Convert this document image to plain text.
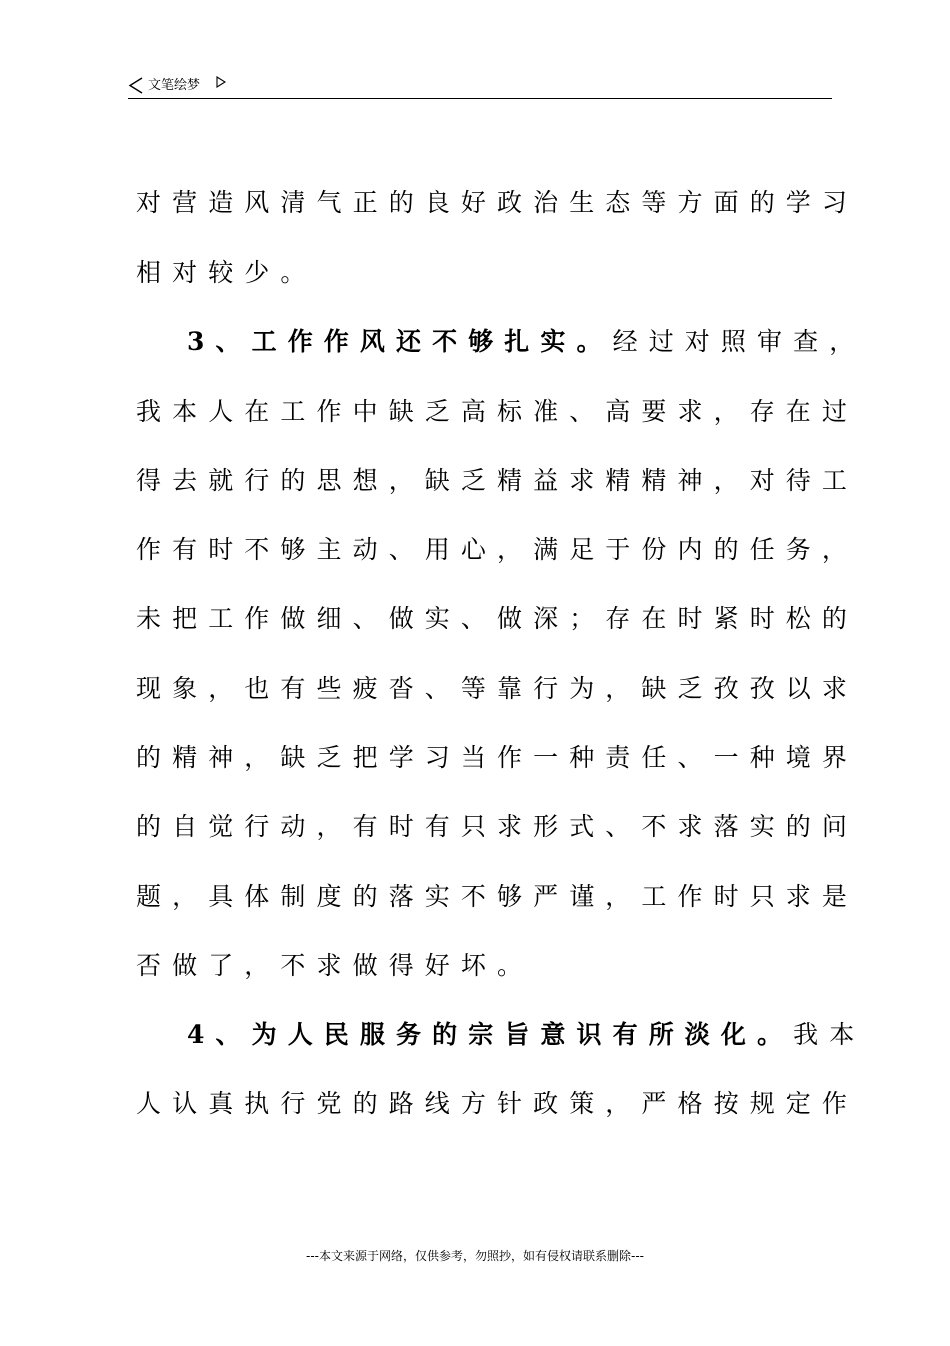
文笔绘梦
对营造风清气正的良好政治生态等方面的学习
相对较少。
3、工作作风还不够扎实。经过对照审查，
我本人在工作中缺乏高标准、高要求，存在过
得去就行的思想，缺乏精益求精精神，对待工
作有时不够主动、用心，满足于份内的任务，
未把工作做细、做实、做深；存在时紧时松的
现象，也有些疲沓、等靠行为，缺乏孜孜以求
的精神，缺乏把学习当作一种责任、一种境界
的自觉行动，有时有只求形式、不求落实的问
题，具体制度的落实不够严谨，工作时只求是
否做了，不求做得好坏。
4、为人民服务的宗旨意识有所淡化。我本
人认真执行党的路线方针政策，严格按规定作
---本文来源于网络，仅供参考，勿照抄，如有侵权请联系删除---
